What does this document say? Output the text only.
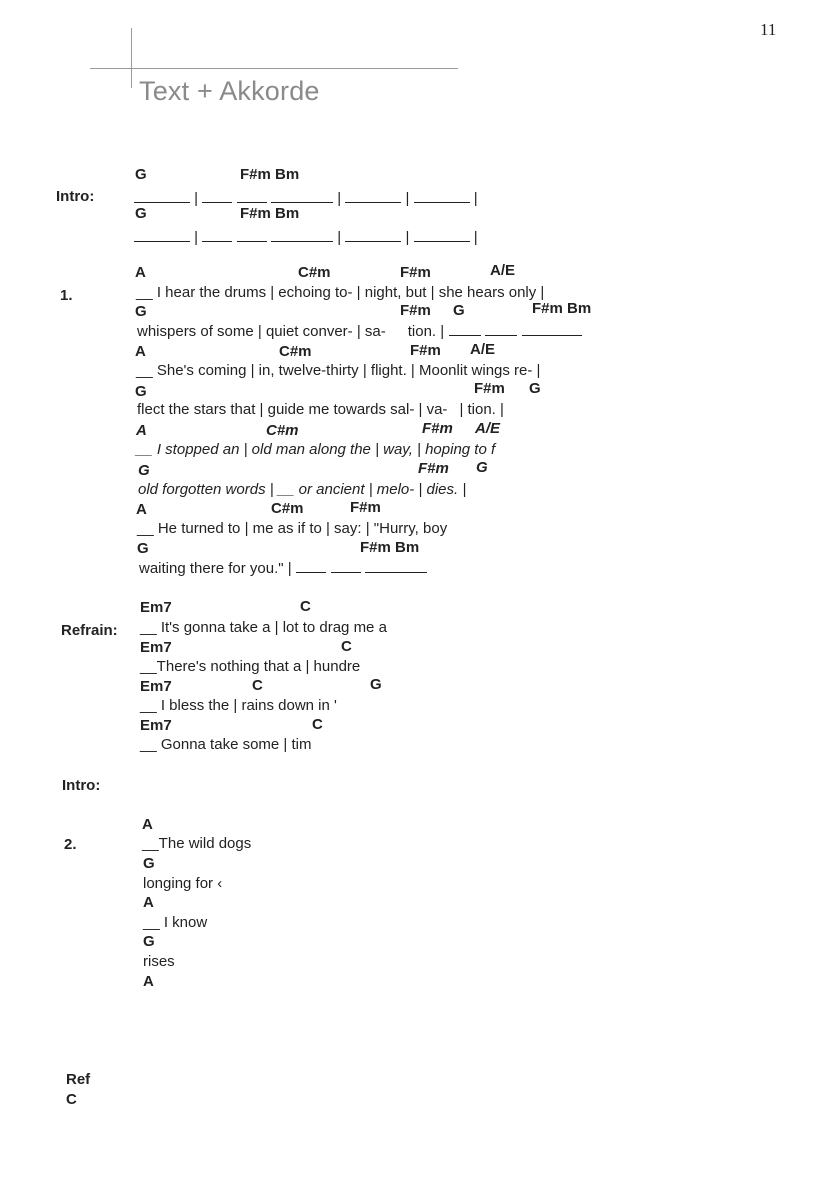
11
Text + Akkorde
Intro:
G	F#m Bm
|	|	|	|
G	F#m Bm
|	|	|	|
1.
A	C#m	F#m	A/E
__ I hear the drums | echoing to- | night, but | she hears only |
G	F#m G	F#m Bm
whispers of some | quiet conver- | sa- tion. |
A	C#m	F#m A/E
__ She's coming | in, twelve-thirty | flight. | Moonlit wings re- |
G	F#m G
flect the stars that | guide me towards sal- | va- | tion. |
A	C#m	F#m A/E
__ I stopped an | old man along the | way, | hoping to f
G	F#m G
old forgotten words | __ or ancient | melo- | dies. |
A	C#m	F#m
__ He turned to | me as if to | say: | "Hurry, boy
G	F#m Bm
waiting there for you." |
Refrain:
Em7	C
__ It's gonna take a | lot to drag me a
Em7	C
__There's nothing that a | hundre
Em7	C	G
__ I bless the | rains down in '
Em7	C
__ Gonna take some | tim
Intro:
2.
A
__The wild dogs
G
longing for ‹
A
__ I know
G
rises
A
Ref
C
